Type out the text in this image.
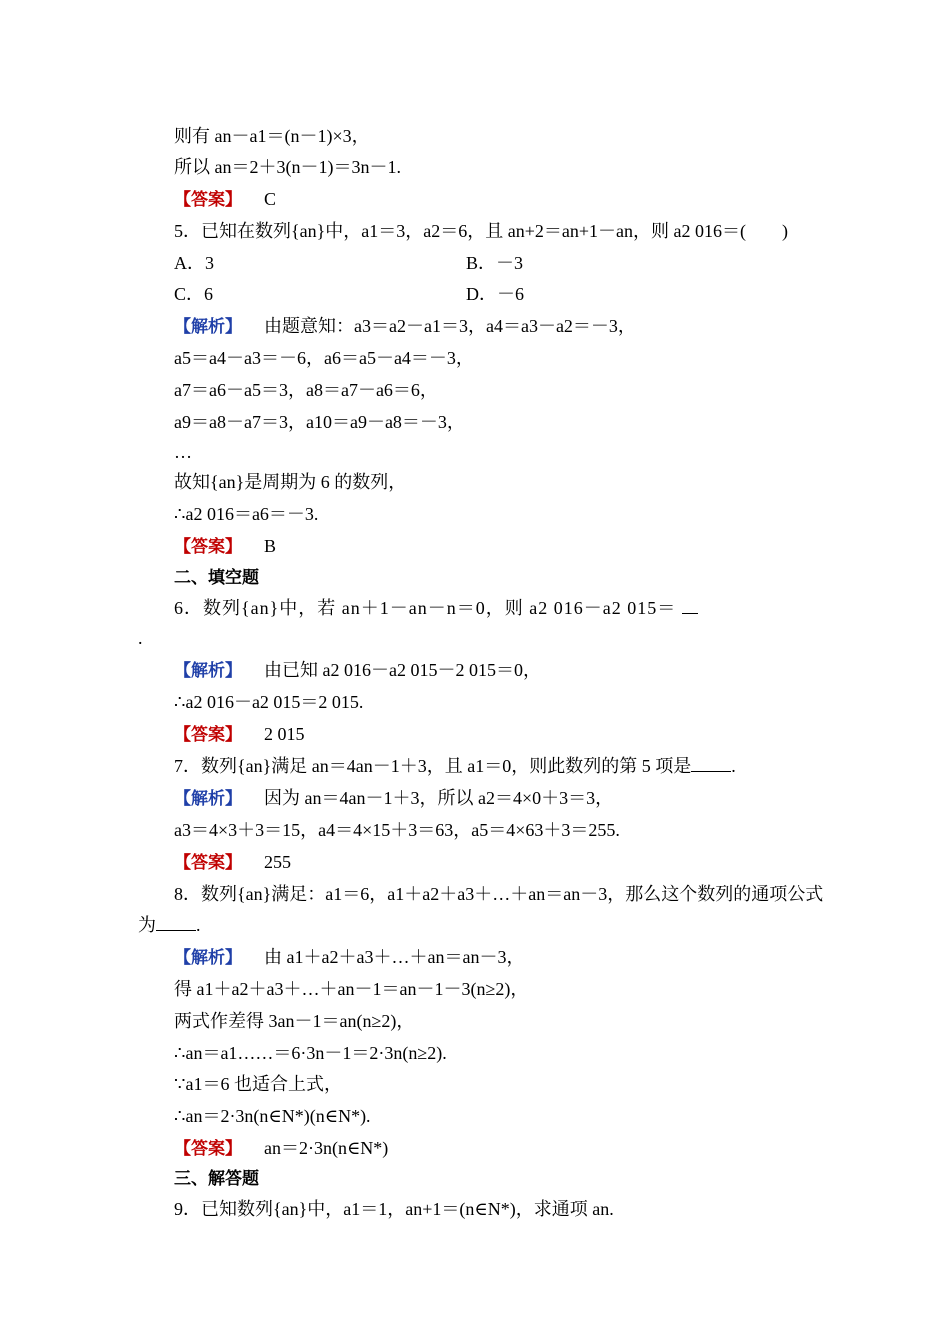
则有 an－a1＝(n－1)×3，
所以 an＝2＋3(n－1)＝3n－1.
【答案】 C
5．已知在数列{an}中，a1＝3，a2＝6，且 an+2＝an+1－an，则 a2 016＝(　　)
A．3	B．－3
C．6	D．－6
【解析】 由题意知：a3＝a2－a1＝3，a4＝a3－a2＝－3，
a5＝a4－a3＝－6，a6＝a5－a4＝－3，
a7＝a6－a5＝3，a8＝a7－a6＝6，
a9＝a8－a7＝3，a10＝a9－a8＝－3，
…
故知{an}是周期为 6 的数列，
∴a2 016＝a6＝－3.
【答案】 B
二、填空题
6．数列{an}中，若 an＋1－an－n＝0，则 a2 016－a2 015＝
.
【解析】 由已知 a2 016－a2 015－2 015＝0，
∴a2 016－a2 015＝2 015.
【答案】 2 015
7．数列{an}满足 an＝4an－1＋3，且 a1＝0，则此数列的第 5 项是 .
【解析】 因为 an＝4an－1＋3，所以 a2＝4×0＋3＝3，
a3＝4×3＋3＝15，a4＝4×15＋3＝63，a5＝4×63＋3＝255.
【答案】 255
8．数列{an}满足：a1＝6，a1＋a2＋a3＋…＋an＝an－3，那么这个数列的通项公式
为 .
【解析】 由 a1＋a2＋a3＋…＋an＝an－3，
得 a1＋a2＋a3＋…＋an－1＝an－1－3(n≥2)，
两式作差得 3an－1＝an(n≥2)，
∴an＝a1……＝6·3n－1＝2·3n(n≥2).
∵a1＝6 也适合上式，
∴an＝2·3n(n∈N*)(n∈N*).
【答案】 an＝2·3n(n∈N*)
三、解答题
9．已知数列{an}中，a1＝1，an+1＝(n∈N*)，求通项 an.
